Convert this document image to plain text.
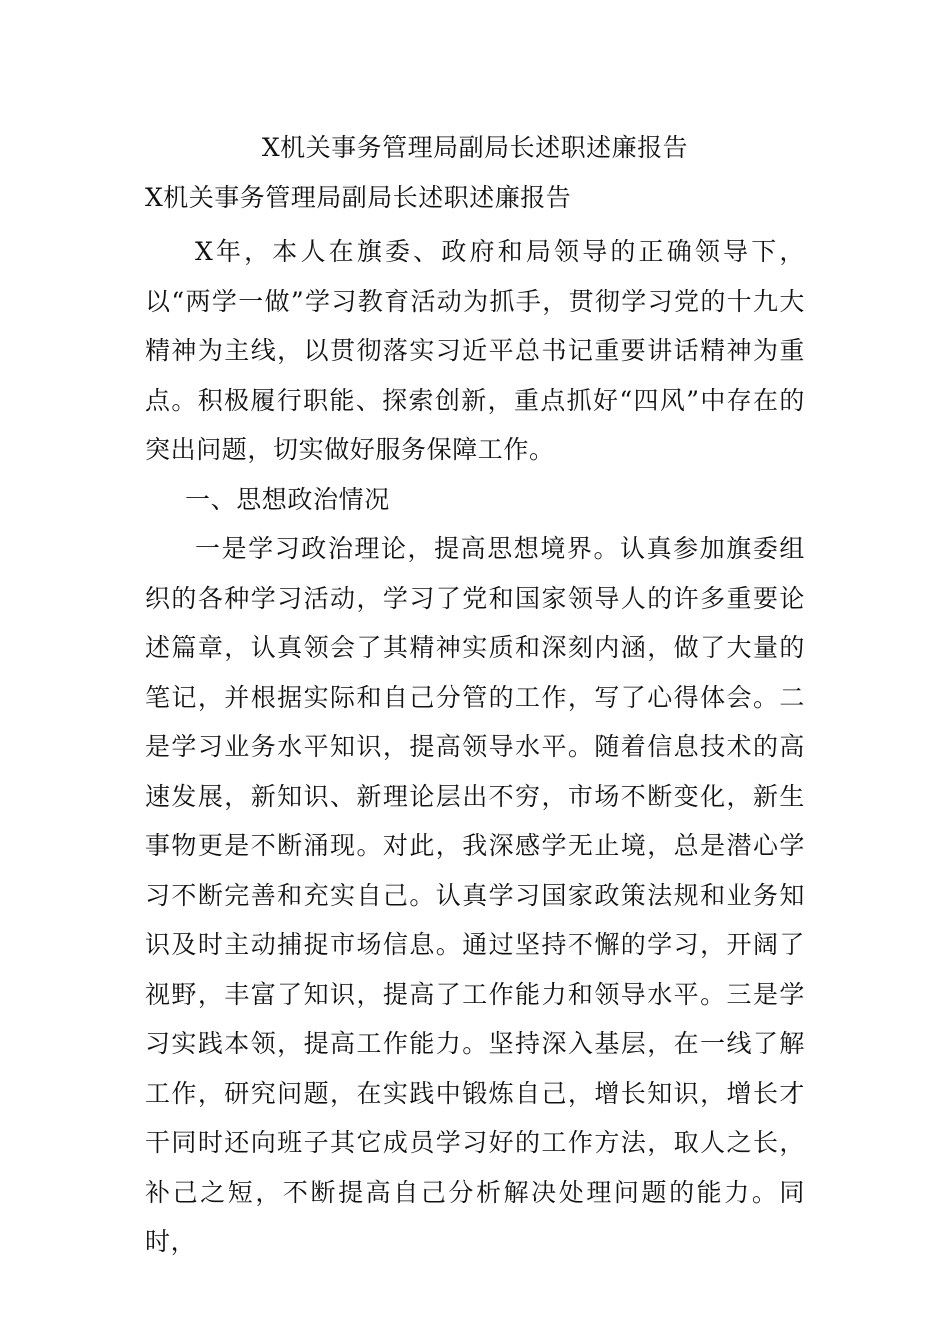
X机关事务管理局副局长述职述廉报告
X机关事务管理局副局长述职述廉报告

X年，本人在旗委、政府和局领导的正确领导下，以“两学一做”学习教育活动为抓手，贯彻学习党的十九大精神为主线，以贯彻落实习近平总书记重要讲话精神为重点。积极履行职能、探索创新，重点抓好“四风”中存在的突出问题，切实做好服务保障工作。

一、思想政治情况

一是学习政治理论，提高思想境界。认真参加旗委组织的各种学习活动，学习了党和国家领导人的许多重要论述篇章，认真领会了其精神实质和深刻内涵，做了大量的笔记，并根据实际和自己分管的工作，写了心得体会。二是学习业务水平知识，提高领导水平。随着信息技术的高速发展，新知识、新理论层出不穷，市场不断变化，新生事物更是不断涌现。对此，我深感学无止境，总是潜心学习不断完善和充实自己。认真学习国家政策法规和业务知识及时主动捕捉市场信息。通过坚持不懈的学习，开阔了视野，丰富了知识，提高了工作能力和领导水平。三是学习实践本领，提高工作能力。坚持深入基层，在一线了解工作，研究问题，在实践中锻炼自己，增长知识，增长才干同时还向班子其它成员学习好的工作方法，取人之长，补己之短，不断提高自己分析解决处理问题的能力。同时，
